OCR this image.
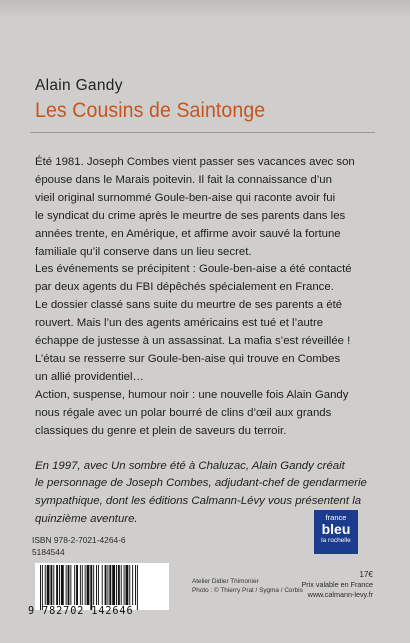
Alain Gandy
Les Cousins de Saintonge

Été 1981. Joseph Combes vient passer ses vacances avec son
épouse dans le Marais poitevin. Il fait la connaissance d’un
vieil original surnommé Goule-ben-aise qui raconte avoir fui
le syndicat du crime après le meurtre de ses parents dans les
années trente, en Amérique, et affirme avoir sauvé la fortune
familiale qu’il conserve dans un lieu secret.

Les événements se précipitent : Goule-ben-aise a été contacté
par deux agents du FBI dépêchés spécialement en France.

Le dossier classé sans suite du meurtre de ses parents a été
rouvert. Mais l’un des agents américains est tué et l’autre
échappe de justesse à un assassinat. La mafia s’est réveillée !

L’étau se resserre sur Goule-ben-aise qui trouve en Combes
un allié providentiel…

Action, suspense, humour noir : une nouvelle fois Alain Gandy
nous régale avec un polar bourré de clins d’œil aux grands
classiques du genre et plein de saveurs du terroir.

En 1997, avec Un sombre été à Chaluzac, Alain Gandy créait
le personnage de Joseph Combes, adjudant-chef de gendarmerie
sympathique, dont les éditions Calmann-Lévy vous présentent la
quinzième aventure.

ISBN 978-2-7021-4264-6
5184544
9 782702 142646
france
bleu
la rochelle
Atelier Didier Thimonier
Photo : © Thierry Prat / Sygma / Corbis
17€
Prix valable en France
www.calmann-levy.fr
